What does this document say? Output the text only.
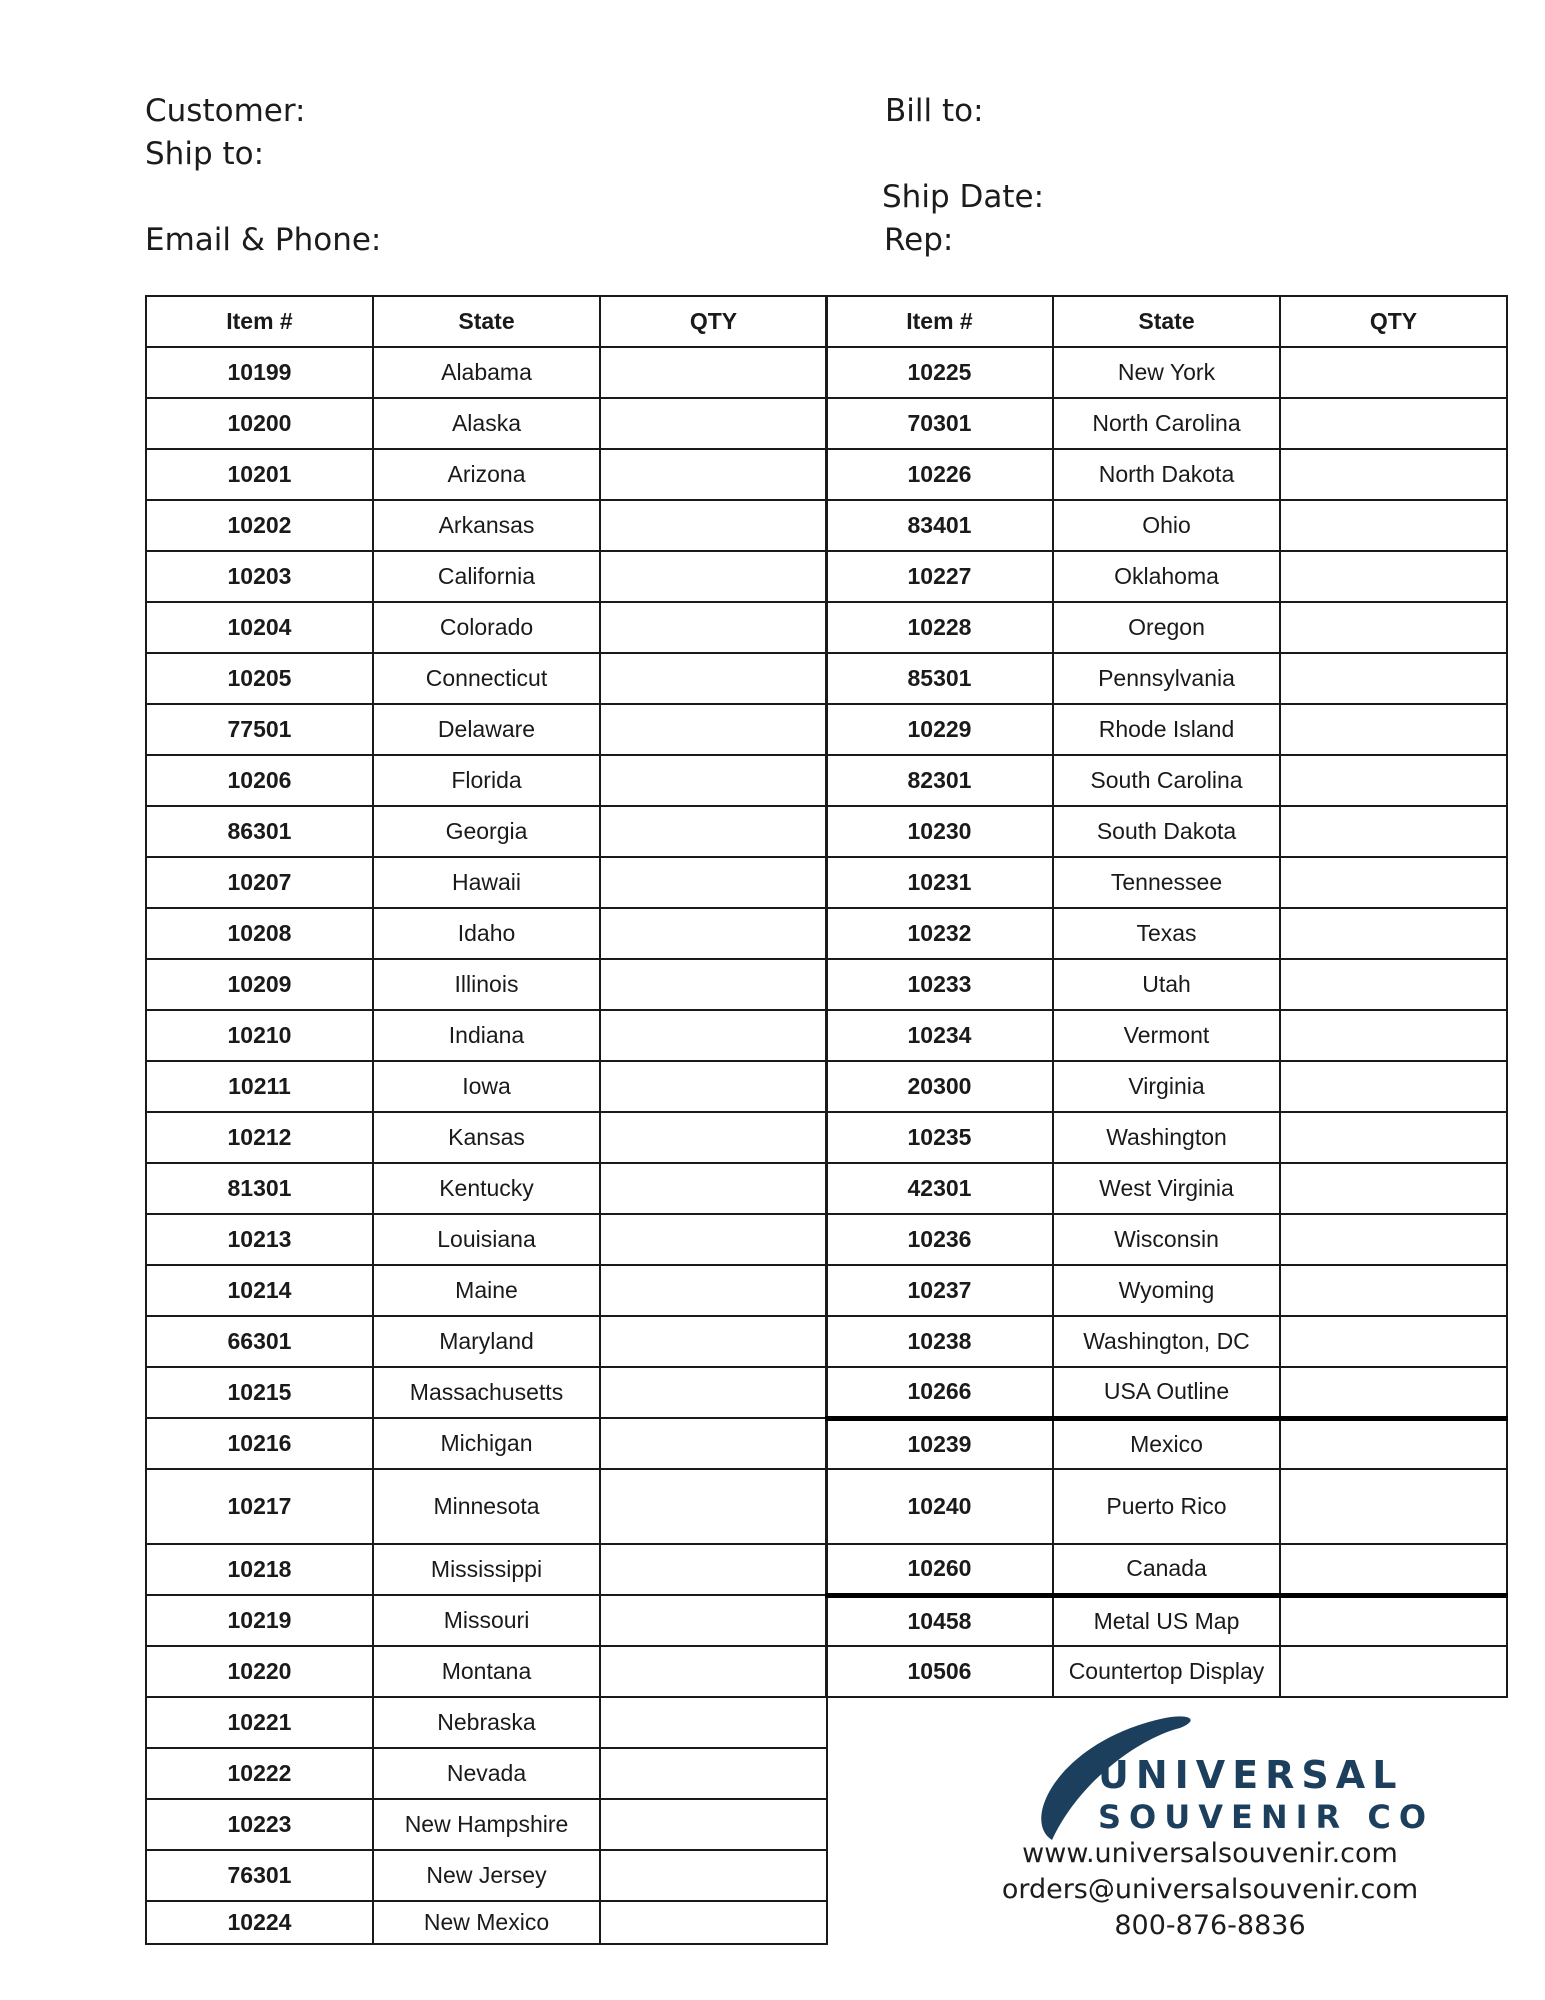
Customer:
Ship to:
Email & Phone:
Bill to:
Ship Date:
Rep:
Item #	State	QTY
10199	Alabama	
10200	Alaska	
10201	Arizona	
10202	Arkansas	
10203	California	
10204	Colorado	
10205	Connecticut	
77501	Delaware	
10206	Florida	
86301	Georgia	
10207	Hawaii	
10208	Idaho	
10209	Illinois	
10210	Indiana	
10211	Iowa	
10212	Kansas	
81301	Kentucky	
10213	Louisiana	
10214	Maine	
66301	Maryland	
10215	Massachusetts	
10216	Michigan	
10217	Minnesota	
10218	Mississippi	
10219	Missouri	
10220	Montana	
10221	Nebraska	
10222	Nevada	
10223	New Hampshire	
76301	New Jersey	
10224	New Mexico	
Item #	State	QTY
10225	New York	
70301	North Carolina	
10226	North Dakota	
83401	Ohio	
10227	Oklahoma	
10228	Oregon	
85301	Pennsylvania	
10229	Rhode Island	
82301	South Carolina	
10230	South Dakota	
10231	Tennessee	
10232	Texas	
10233	Utah	
10234	Vermont	
20300	Virginia	
10235	Washington	
42301	West Virginia	
10236	Wisconsin	
10237	Wyoming	
10238	Washington, DC	
10266	USA Outline	
10239	Mexico	
10240	Puerto Rico	
10260	Canada	
10458	Metal US Map	
10506	Countertop Display	
UNIVERSAL
SOUVENIR CO
www.universalsouvenir.com
orders@universalsouvenir.com
800-876-8836
